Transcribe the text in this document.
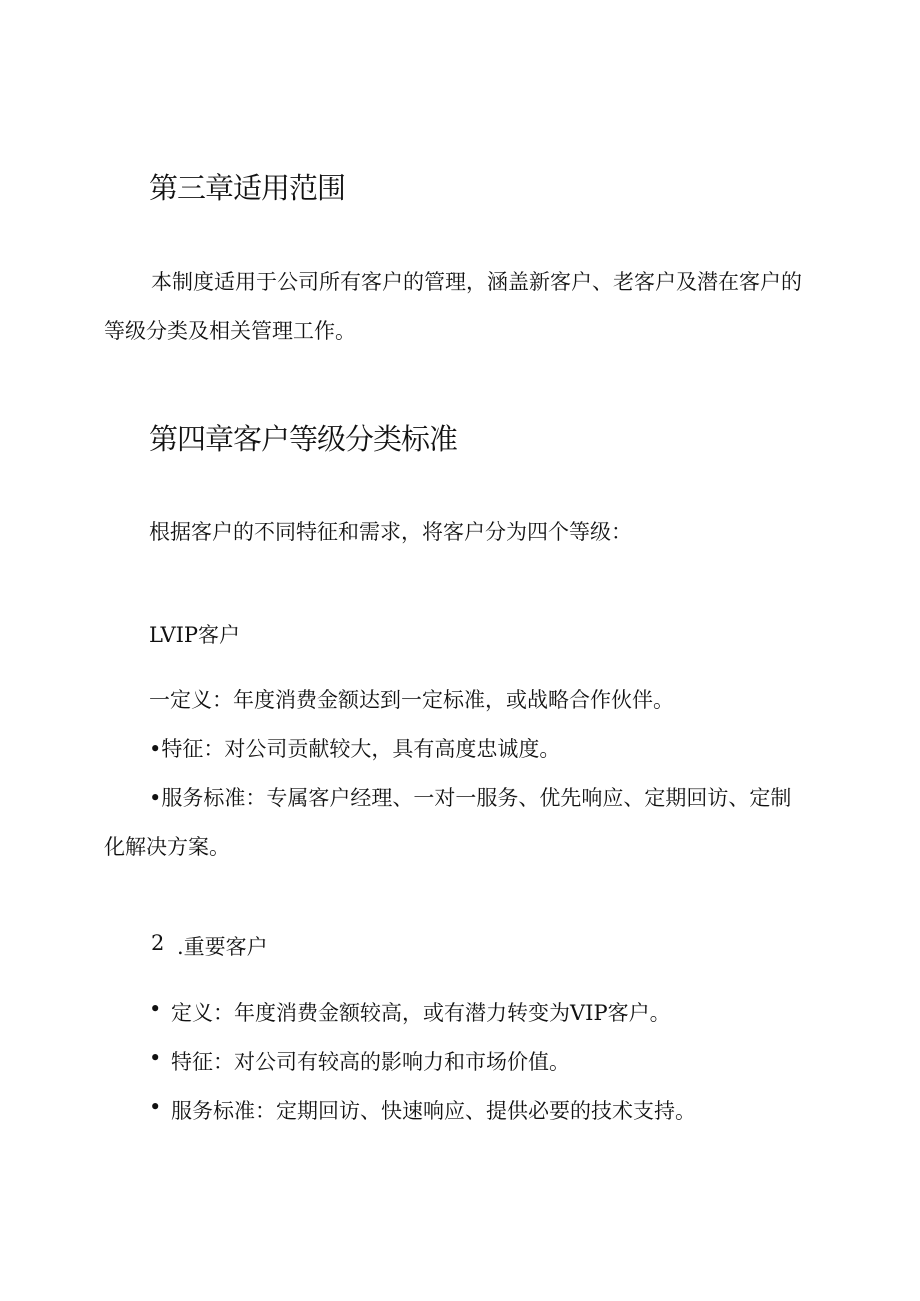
第三章适用范围

本制度适用于公司所有客户的管理，涵盖新客户、老客户及潜在客户的

等级分类及相关管理工作。

第四章客户等级分类标准

根据客户的不同特征和需求，将客户分为四个等级：

LVIP客户

一定义：年度消费金额达到一定标准，或战略合作伙伴。

•特征：对公司贡献较大，具有高度忠诚度。

•服务标准：专属客户经理、一对一服务、优先响应、定期回访、定制

化解决方案。

2 .重要客户

• 定义：年度消费金额较高，或有潜力转变为VIP客户。

• 特征：对公司有较高的影响力和市场价值。

• 服务标准：定期回访、快速响应、提供必要的技术支持。
